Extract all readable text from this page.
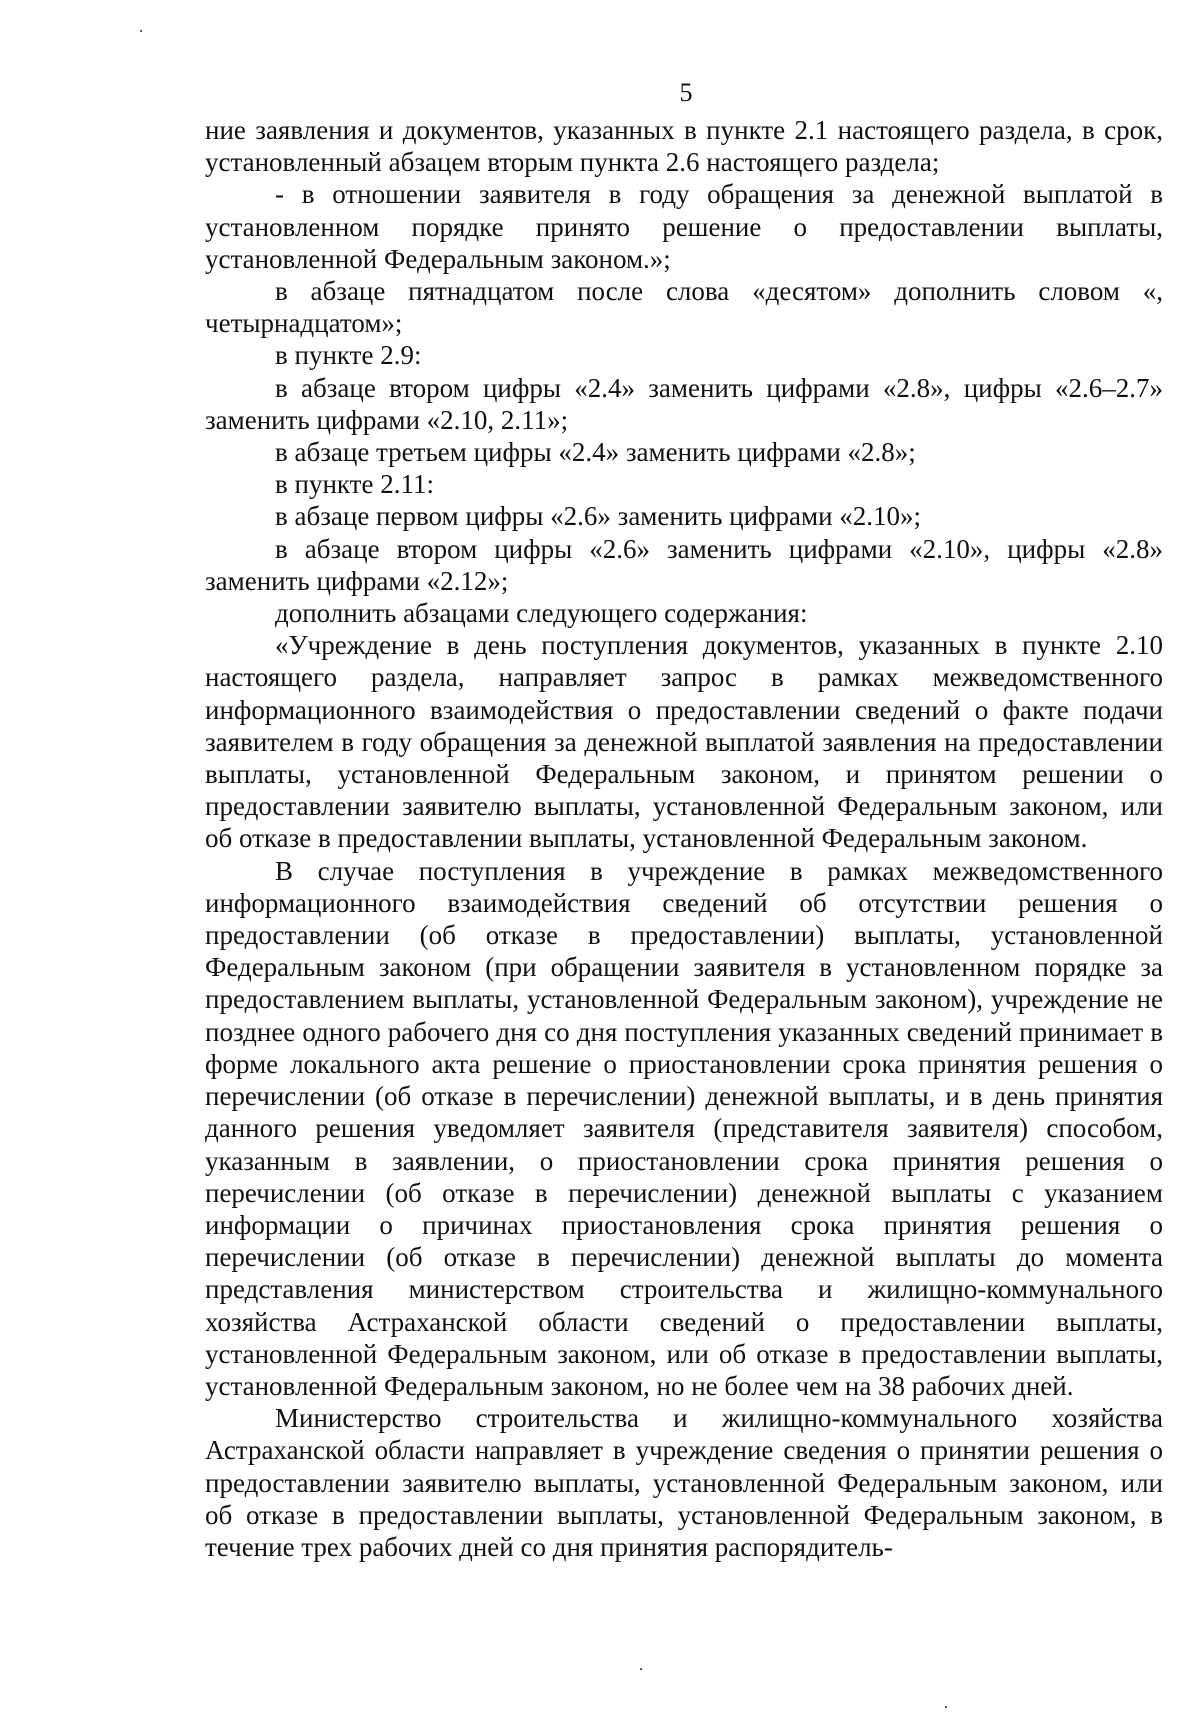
5

ние заявления и документов, указанных в пункте 2.1 настоящего раздела, в срок, установленный абзацем вторым пункта 2.6 настоящего раздела;

- в отношении заявителя в году обращения за денежной выплатой в установленном порядке принято решение о предоставлении выплаты, установленной Федеральным законом.»;

в абзаце пятнадцатом после слова «десятом» дополнить словом «, четырнадцатом»;

в пункте 2.9:

в абзаце втором цифры «2.4» заменить цифрами «2.8», цифры «2.6–2.7» заменить цифрами «2.10, 2.11»;

в абзаце третьем цифры «2.4» заменить цифрами «2.8»;

в пункте 2.11:

в абзаце первом цифры «2.6» заменить цифрами «2.10»;

в абзаце втором цифры «2.6» заменить цифрами «2.10», цифры «2.8» заменить цифрами «2.12»;

дополнить абзацами следующего содержания:

«Учреждение в день поступления документов, указанных в пункте 2.10 настоящего раздела, направляет запрос в рамках межведомственного информационного взаимодействия о предоставлении сведений о факте подачи заявителем в году обращения за денежной выплатой заявления на предоставлении выплаты, установленной Федеральным законом, и принятом решении о предоставлении заявителю выплаты, установленной Федеральным законом, или об отказе в предоставлении выплаты, установленной Федеральным законом.

В случае поступления в учреждение в рамках межведомственного информационного взаимодействия сведений об отсутствии решения о предоставлении (об отказе в предоставлении) выплаты, установленной Федеральным законом (при обращении заявителя в установленном порядке за предоставлением выплаты, установленной Федеральным законом), учреждение не позднее одного рабочего дня со дня поступления указанных сведений принимает в форме локального акта решение о приостановлении срока принятия решения о перечислении (об отказе в перечислении) денежной выплаты, и в день принятия данного решения уведомляет заявителя (представителя заявителя) способом, указанным в заявлении, о приостановлении срока принятия решения о перечислении (об отказе в перечислении) денежной выплаты с указанием информации о причинах приостановления срока принятия решения о перечислении (об отказе в перечислении) денежной выплаты до момента представления министерством строительства и жилищно-коммунального хозяйства Астраханской области сведений о предоставлении выплаты, установленной Федеральным законом, или об отказе в предоставлении выплаты, установленной Федеральным законом, но не более чем на 38 рабочих дней.

Министерство строительства и жилищно-коммунального хозяйства Астраханской области направляет в учреждение сведения о принятии решения о предоставлении заявителю выплаты, установленной Федеральным законом, или об отказе в предоставлении выплаты, установленной Федеральным законом, в течение трех рабочих дней со дня принятия распорядитель-
